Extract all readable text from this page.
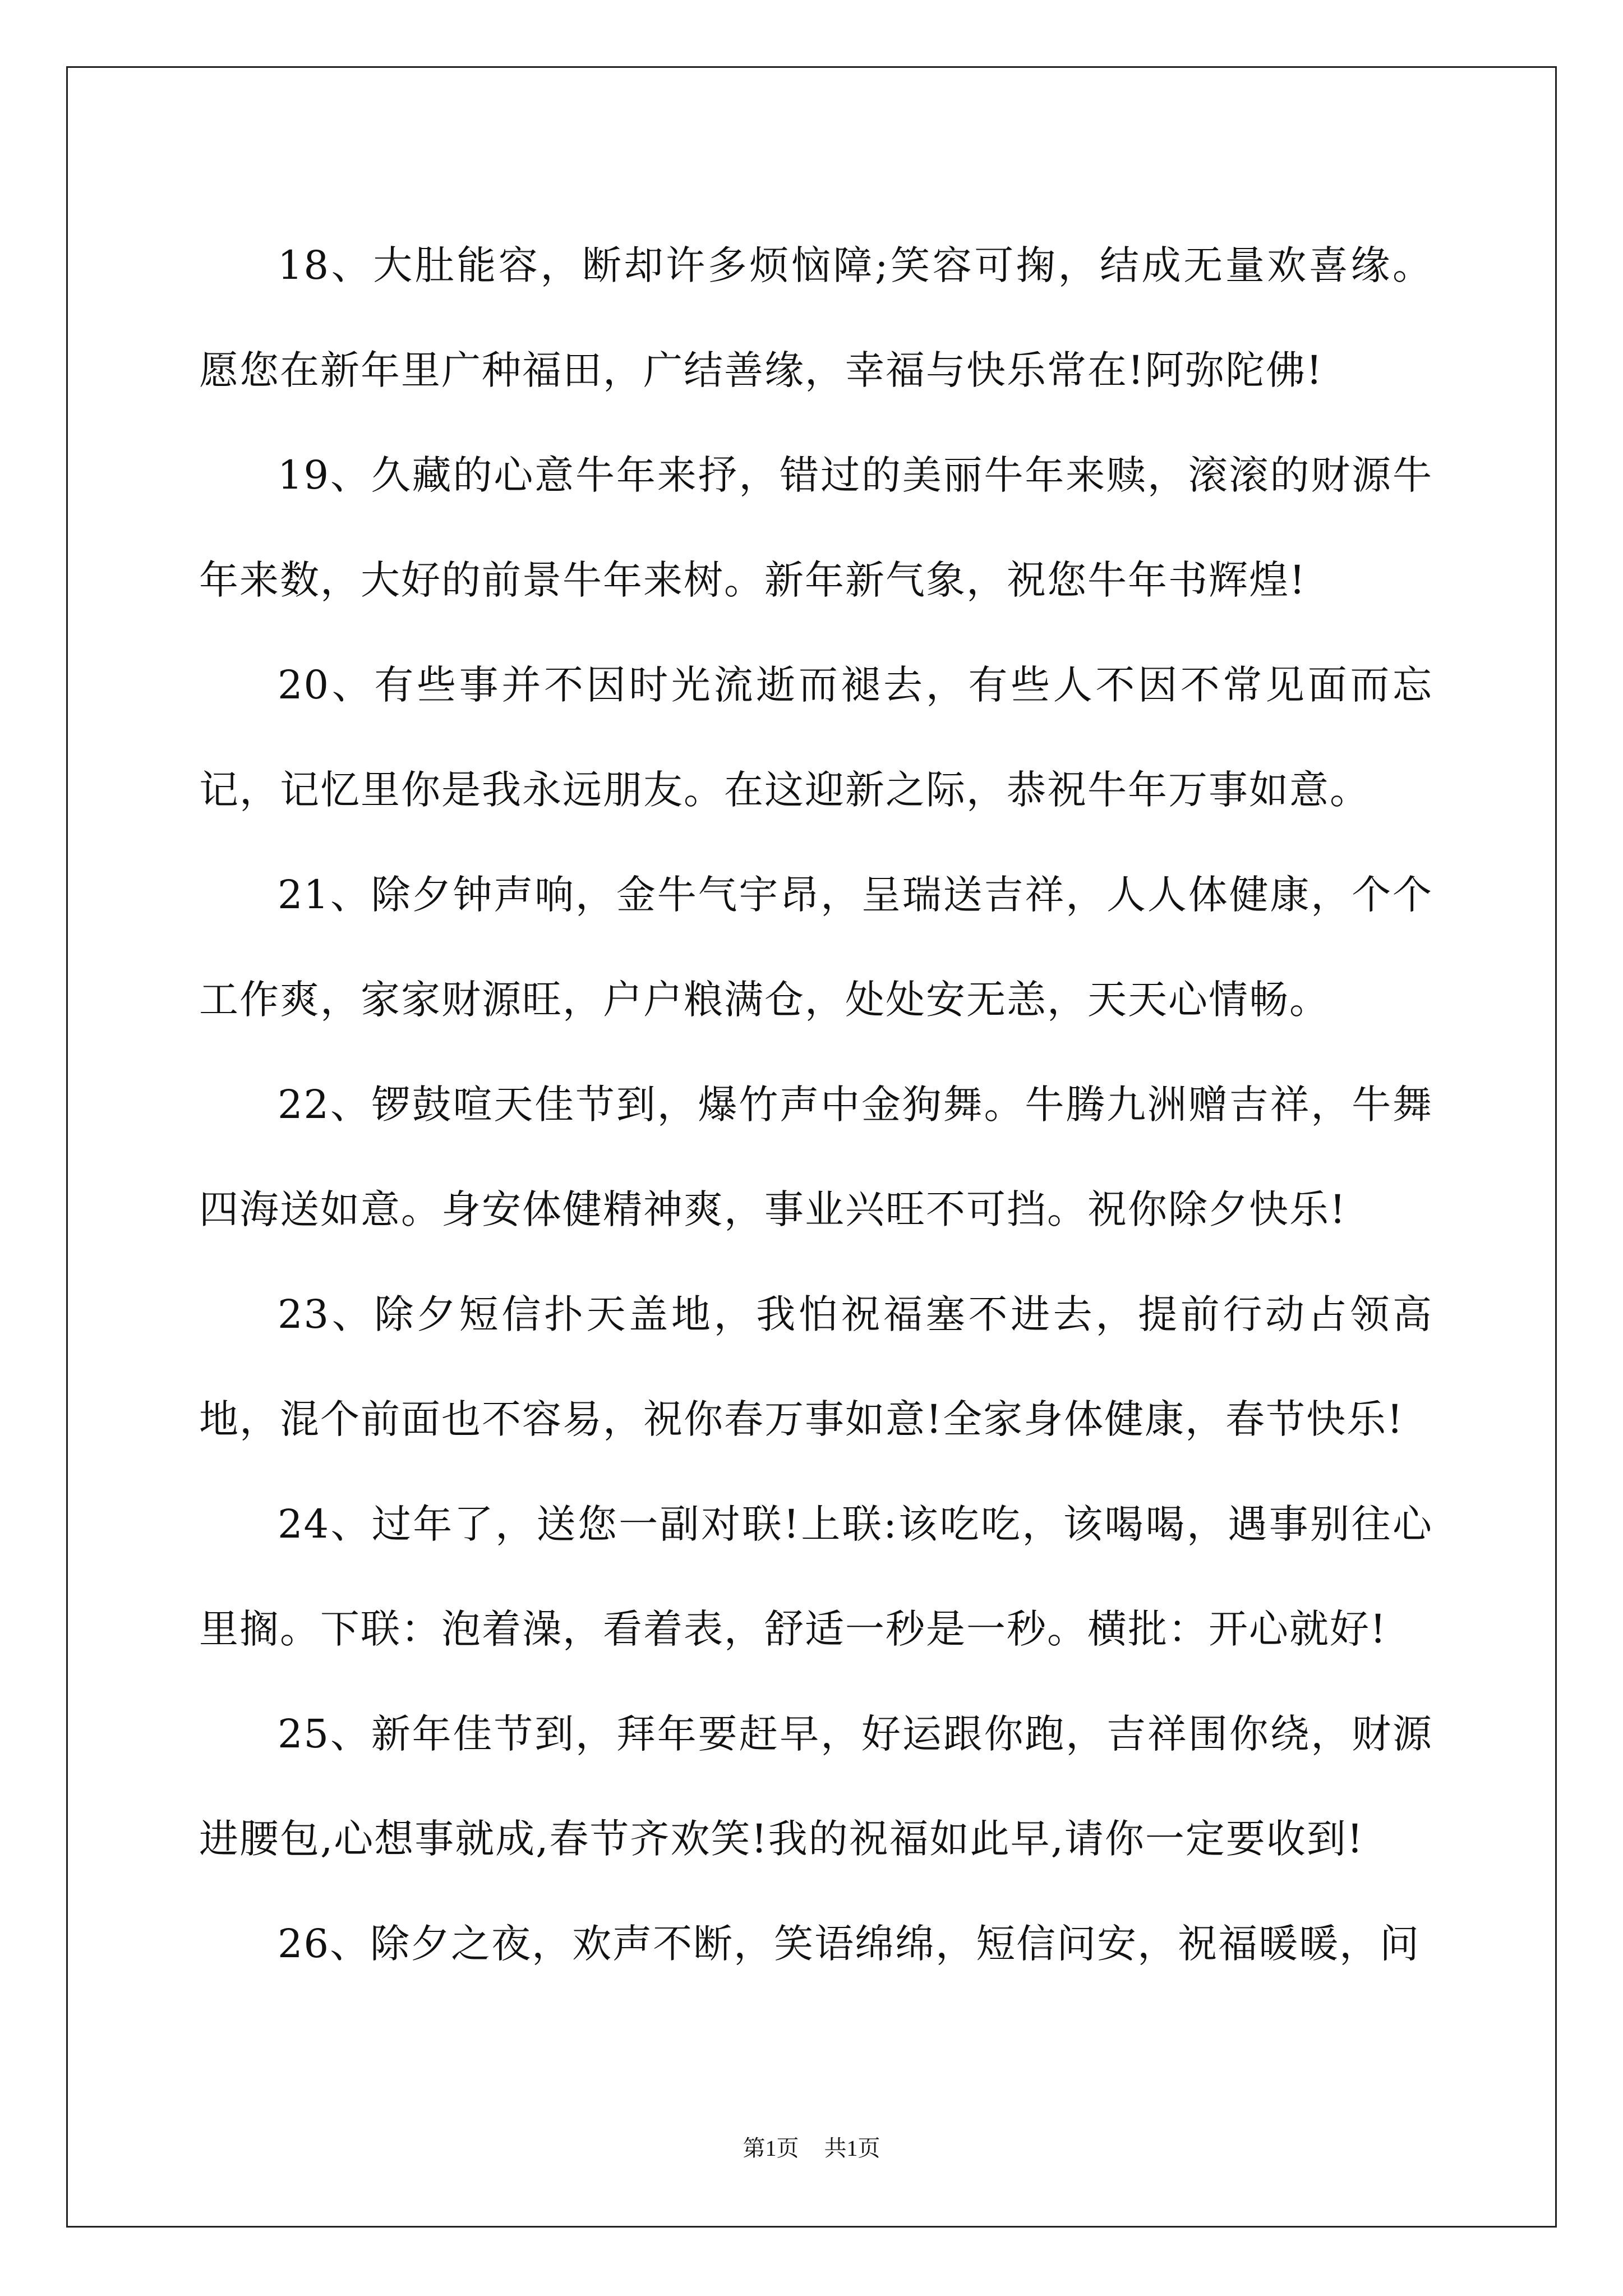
18、大肚能容，断却许多烦恼障;笑容可掬，结成无量欢喜缘。愿您在新年里广种福田，广结善缘，幸福与快乐常在!阿弥陀佛!

19、久藏的心意牛年来抒，错过的美丽牛年来赎，滚滚的财源牛年来数，大好的前景牛年来树。新年新气象，祝您牛年书辉煌!

20、有些事并不因时光流逝而褪去，有些人不因不常见面而忘记，记忆里你是我永远朋友。在这迎新之际，恭祝牛年万事如意。

21、除夕钟声响，金牛气宇昂，呈瑞送吉祥，人人体健康，个个工作爽，家家财源旺，户户粮满仓，处处安无恙，天天心情畅。

22、锣鼓喧天佳节到，爆竹声中金狗舞。牛腾九洲赠吉祥，牛舞四海送如意。身安体健精神爽，事业兴旺不可挡。祝你除夕快乐!

23、除夕短信扑天盖地，我怕祝福塞不进去，提前行动占领高地，混个前面也不容易，祝你春万事如意!全家身体健康，春节快乐!

24、过年了，送您一副对联!上联:该吃吃，该喝喝，遇事别往心里搁。下联：泡着澡，看着表，舒适一秒是一秒。横批：开心就好!

25、新年佳节到，拜年要赶早，好运跟你跑，吉祥围你绕，财源进腰包,心想事就成,春节齐欢笑!我的祝福如此早,请你一定要收到!

26、除夕之夜，欢声不断，笑语绵绵，短信问安，祝福暖暖，问

第1页 共1页
